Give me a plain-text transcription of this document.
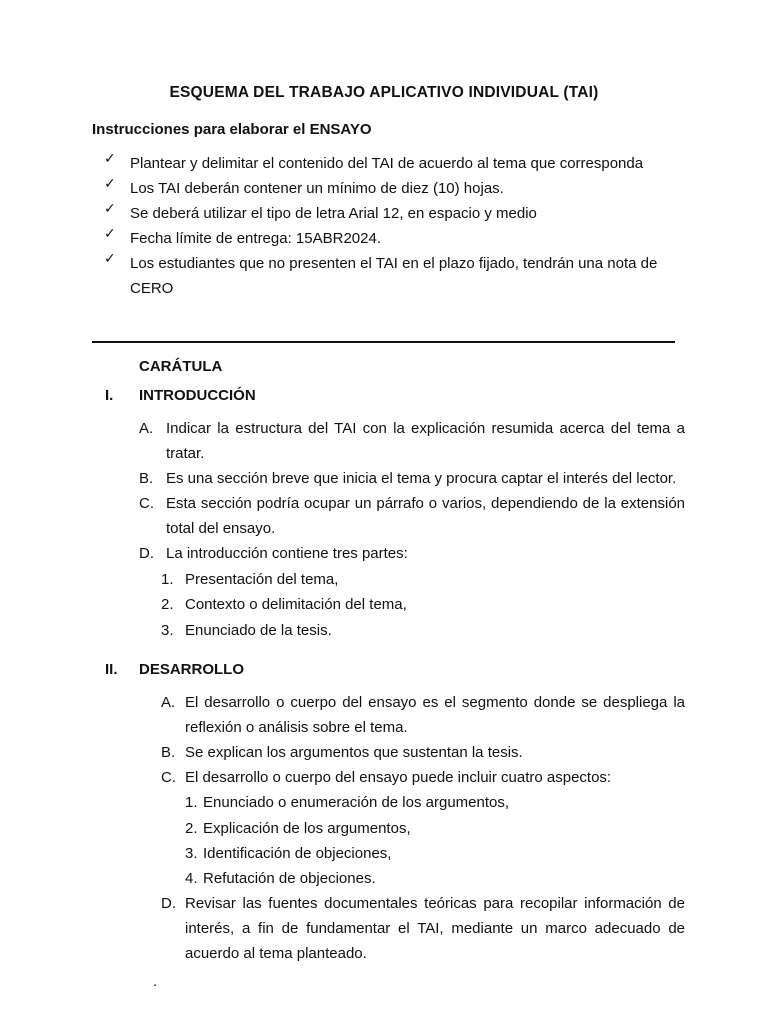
ESQUEMA DEL TRABAJO APLICATIVO INDIVIDUAL (TAI)
Instrucciones para elaborar el ENSAYO
✓ Plantear y delimitar el contenido del TAI de acuerdo al tema que corresponda
✓ Los TAI deberán contener un mínimo de diez (10) hojas.
✓ Se deberá utilizar el tipo de letra Arial 12, en espacio y medio
✓ Fecha límite de entrega: 15ABR2024.
✓ Los estudiantes que no presenten el TAI en el plazo fijado, tendrán una nota de
CERO
CARÁTULA
I. INTRODUCCIÓN
A. Indicar la estructura del TAI con la explicación resumida acerca del tema a
tratar.
B. Es una sección breve que inicia el tema y procura captar el interés del lector.
C. Esta sección podría ocupar un párrafo o varios, dependiendo de la extensión
total del ensayo.
D. La introducción contiene tres partes:
1. Presentación del tema,
2. Contexto o delimitación del tema,
3. Enunciado de la tesis.
II. DESARROLLO
A. El desarrollo o cuerpo del ensayo es el segmento donde se despliega la
reflexión o análisis sobre el tema.
B. Se explican los argumentos que sustentan la tesis.
C. El desarrollo o cuerpo del ensayo puede incluir cuatro aspectos:
1. Enunciado o enumeración de los argumentos,
2. Explicación de los argumentos,
3. Identificación de objeciones,
4. Refutación de objeciones.
D. Revisar las fuentes documentales teóricas para recopilar información de
interés, a fin de fundamentar el TAI, mediante un marco adecuado de
acuerdo al tema planteado.
.
